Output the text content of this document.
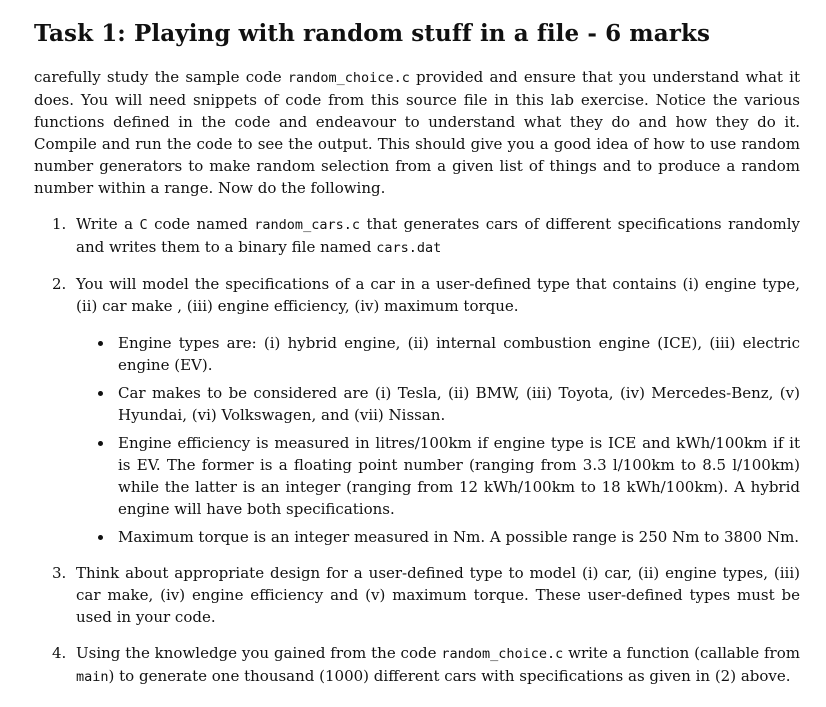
Task 1: Playing with random stuff in a file - 6 marks

carefully study the sample code random_choice.c provided and ensure that you understand what it does. You will need snippets of code from this source file in this lab exercise. Notice the various functions defined in the code and endeavour to understand what they do and how they do it. Compile and run the code to see the output. This should give you a good idea of how to use random number generators to make random selection from a given list of things and to produce a random number within a range. Now do the following.

1. Write a C code named random_cars.c that generates cars of different specifications randomly and writes them to a binary file named cars.dat
2. You will model the specifications of a car in a user-defined type that contains (i) engine type, (ii) car make , (iii) engine efficiency, (iv) maximum torque.
Engine types are: (i) hybrid engine, (ii) internal combustion engine (ICE), (iii) electric engine (EV).
Car makes to be considered are (i) Tesla, (ii) BMW, (iii) Toyota, (iv) Mercedes-Benz, (v) Hyundai, (vi) Volkswagen, and (vii) Nissan.
Engine efficiency is measured in litres/100km if engine type is ICE and kWh/100km if it is EV. The former is a floating point number (ranging from 3.3 l/100km to 8.5 l/100km) while the latter is an integer (ranging from 12 kWh/100km to 18 kWh/100km). A hybrid engine will have both specifications.
Maximum torque is an integer measured in Nm. A possible range is 250 Nm to 3800 Nm.
3. Think about appropriate design for a user-defined type to model (i) car, (ii) engine types, (iii) car make, (iv) engine efficiency and (v) maximum torque. These user-defined types must be used in your code.
4. Using the knowledge you gained from the code random_choice.c write a function (callable from main) to generate one thousand (1000) different cars with specifications as given in (2) above.
